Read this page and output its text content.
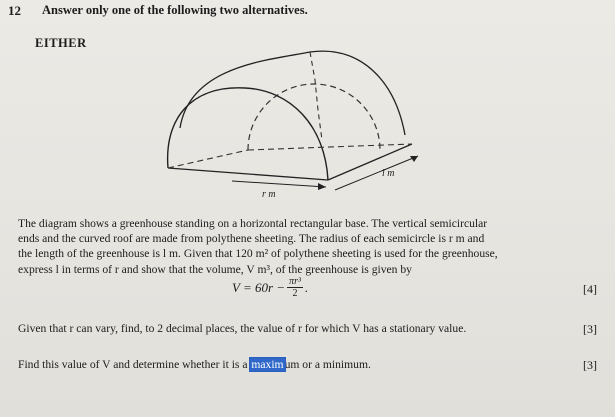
12 Answer only one of the following two alternatives.
EITHER
l m
r m

The diagram shows a greenhouse standing on a horizontal rectangular base. The vertical semicircular

ends and the curved roof are made from polythene sheeting. The radius of each semicircle is r m and

the length of the greenhouse is l m. Given that 120 m² of polythene sheeting is used for the greenhouse,

express l in terms of r and show that the volume, V m³, of the greenhouse is given by

$V = 60r - \frac{\text{πr³}}{2}$ .	[4]
Given that r can vary, find, to 2 decimal places, the value of r for which V has a stationary value.	[3]
Find this value of V and determine whether it is a maximum or a minimum.	[3]
